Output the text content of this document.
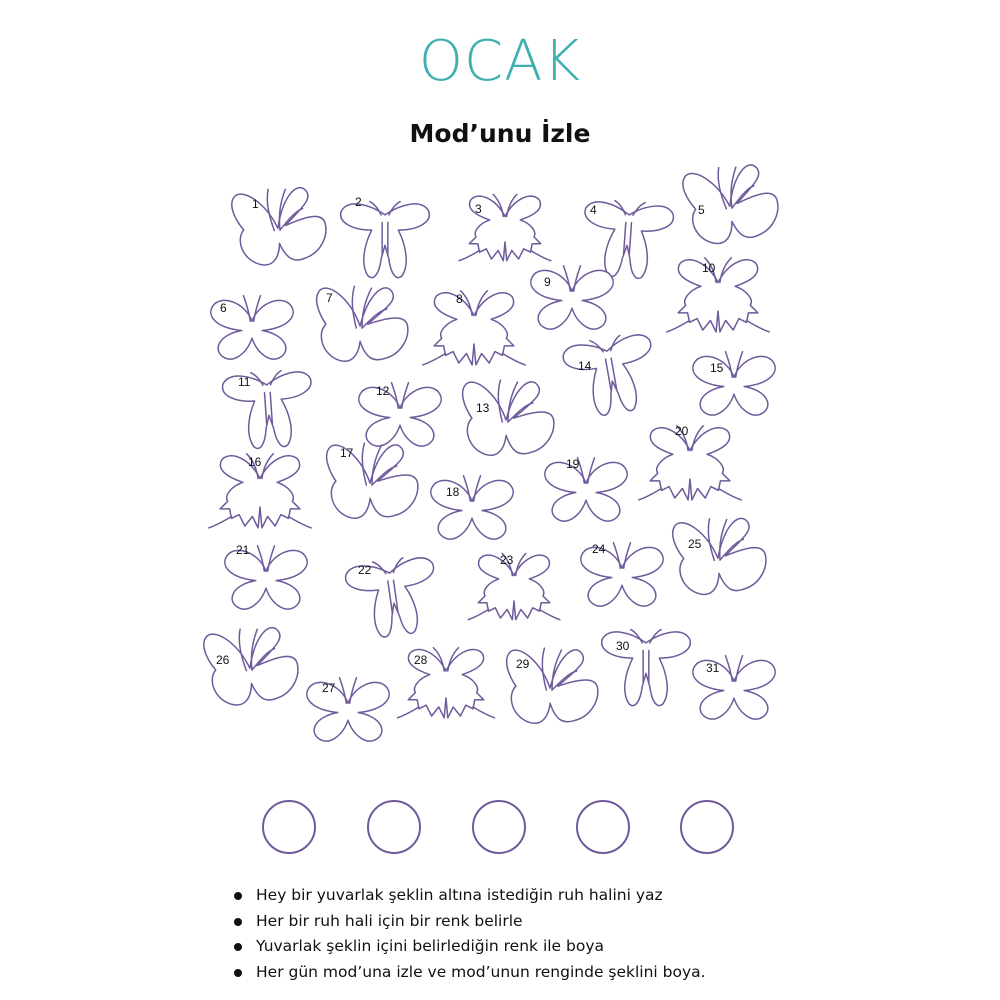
OCAK
Mod’unu İzle
1	2	3	4	5
6
7	8
9
10
11
12
13
14	15
16
17
18
19
20
21
22
23
24	25
26
27
28	29
30
31
Hey bir yuvarlak şeklin altına istediğin ruh halini yaz
Her bir ruh hali için bir renk belirle
Yuvarlak şeklin içini belirlediğin renk ile boya
Her gün mod’una izle ve mod’unun renginde şeklini boya.
